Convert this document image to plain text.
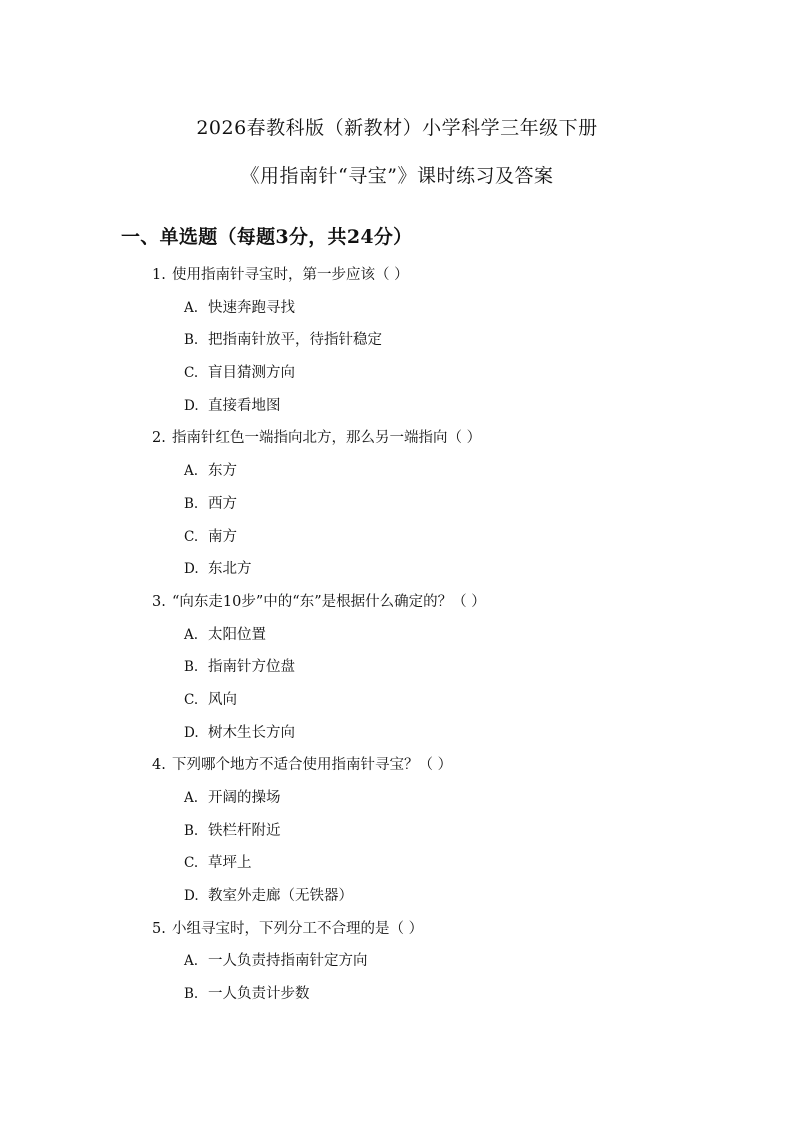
2026春教科版（新教材）小学科学三年级下册
《用指南针“寻宝”》课时练习及答案
一、单选题（每题3分，共24分）
1. 使用指南针寻宝时，第一步应该（ ）
A. 快速奔跑寻找
B. 把指南针放平，待指针稳定
C. 盲目猜测方向
D. 直接看地图
2. 指南针红色一端指向北方，那么另一端指向（ ）
A. 东方
B. 西方
C. 南方
D. 东北方
3. “向东走10步”中的“东”是根据什么确定的？（ ）
A. 太阳位置
B. 指南针方位盘
C. 风向
D. 树木生长方向
4. 下列哪个地方不适合使用指南针寻宝？（ ）
A. 开阔的操场
B. 铁栏杆附近
C. 草坪上
D. 教室外走廊（无铁器）
5. 小组寻宝时，下列分工不合理的是（ ）
A. 一人负责持指南针定方向
B. 一人负责计步数
